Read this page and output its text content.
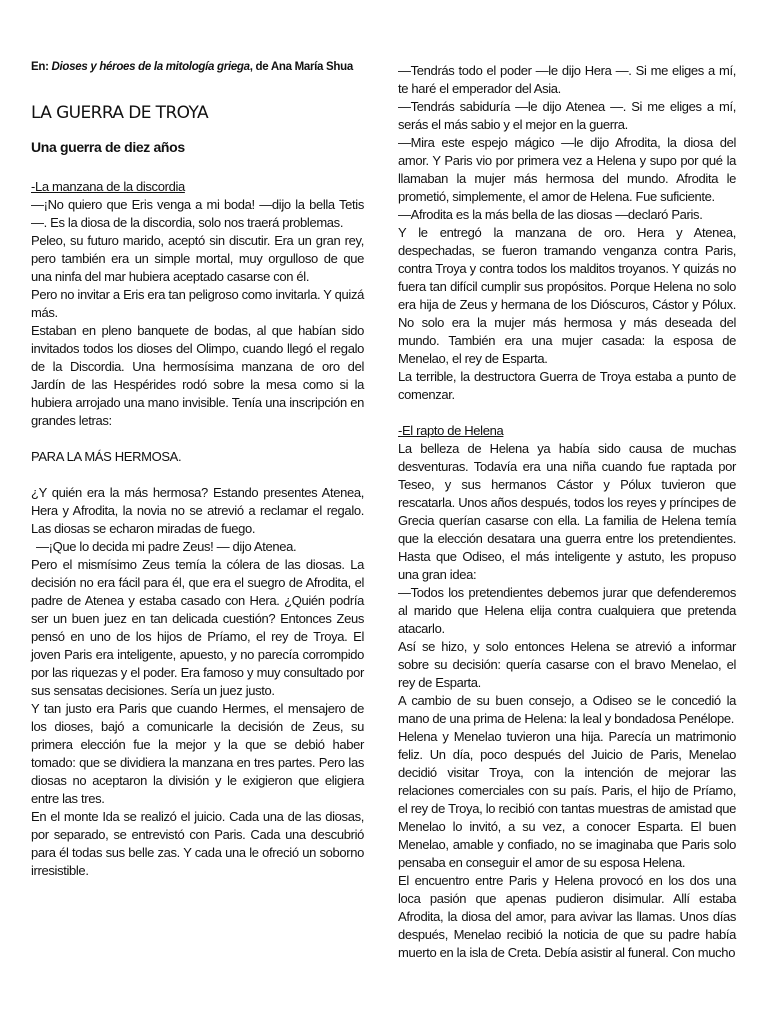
En: Dioses y héroes de la mitología griega, de Ana María Shua

LA GUERRA DE TROYA

Una guerra de diez años

-La manzana de la discordia

—¡No quiero que Eris venga a mi boda! —dijo la bella Tetis—. Es la diosa de la discordia, solo nos traerá problemas.

Peleo, su futuro marido, aceptó sin discutir. Era un gran rey, pero también era un simple mortal, muy orgulloso de que una ninfa del mar hubiera aceptado casarse con él.

Pero no invitar a Eris era tan peligroso como invitarla. Y quizá más.

Estaban en pleno banquete de bodas, al que habían sido invitados todos los dioses del Olimpo, cuando llegó el regalo de la Discordia. Una hermosísima manzana de oro del Jardín de las Hespérides rodó sobre la mesa como si la hubiera arrojado una mano invisible. Tenía una inscripción en grandes letras:

PARA LA MÁS HERMOSA.

¿Y quién era la más hermosa? Estando presentes Atenea, Hera y Afrodita, la novia no se atrevió a reclamar el regalo. Las diosas se echaron miradas de fuego.

—¡Que lo decida mi padre Zeus! — dijo Atenea.

Pero el mismísimo Zeus temía la cólera de las diosas. La decisión no era fácil para él, que era el suegro de Afrodita, el padre de Atenea y estaba casado con Hera. ¿Quién podría ser un buen juez en tan delicada cuestión? Entonces Zeus pensó en uno de los hijos de Príamo, el rey de Troya. El joven Paris era inteligente, apuesto, y no parecía corrompido por las riquezas y el poder. Era famoso y muy consultado por sus sensatas decisiones. Sería un juez justo.

Y tan justo era Paris que cuando Hermes, el mensajero de los dioses, bajó a comunicarle la decisión de Zeus, su primera elección fue la mejor y la que se debió haber tomado: que se dividiera la manzana en tres partes. Pero las diosas no aceptaron la división y le exigieron que eligiera entre las tres.

En el monte Ida se realizó el juicio. Cada una de las diosas, por separado, se entrevistó con Paris. Cada una descubrió para él todas sus belle zas. Y cada una le ofreció un soborno irresistible.

—Tendrás todo el poder —le dijo Hera —. Si me eliges a mí, te haré el emperador del Asia.

—Tendrás sabiduría —le dijo Atenea —. Si me eliges a mí, serás el más sabio y el mejor en la guerra.

—Mira este espejo mágico —le dijo Afrodita, la diosa del amor. Y Paris vio por primera vez a Helena y supo por qué la llamaban la mujer más hermosa del mundo. Afrodita le prometió, simplemente, el amor de Helena. Fue suficiente.

—Afrodita es la más bella de las diosas —declaró Paris.

Y le entregó la manzana de oro. Hera y Atenea, despechadas, se fueron tramando venganza contra Paris, contra Troya y contra todos los malditos troyanos. Y quizás no fuera tan difícil cumplir sus propósitos. Porque Helena no solo era hija de Zeus y hermana de los Dióscuros, Cástor y Pólux. No solo era la mujer más hermosa y más deseada del mundo. También era una mujer casada: la esposa de Menelao, el rey de Esparta.

La terrible, la destructora Guerra de Troya estaba a punto de comenzar.

-El rapto de Helena

La belleza de Helena ya había sido causa de muchas desventuras. Todavía era una niña cuando fue raptada por Teseo, y sus hermanos Cástor y Pólux tuvieron que rescatarla. Unos años después, todos los reyes y príncipes de Grecia querían casarse con ella. La familia de Helena temía que la elección desatara una guerra entre los pretendientes. Hasta que Odiseo, el más inteligente y astuto, les propuso una gran idea:

—Todos los pretendientes debemos jurar que defenderemos al marido que Helena elija contra cualquiera que pretenda atacarlo.

Así se hizo, y solo entonces Helena se atrevió a informar sobre su decisión: quería casarse con el bravo Menelao, el rey de Esparta.

A cambio de su buen consejo, a Odiseo se le concedió la mano de una prima de Helena: la leal y bondadosa Penélope.

Helena y Menelao tuvieron una hija. Parecía un matrimonio feliz. Un día, poco después del Juicio de Paris, Menelao decidió visitar Troya, con la intención de mejorar las relaciones comerciales con su país. Paris, el hijo de Príamo, el rey de Troya, lo recibió con tantas muestras de amistad que Menelao lo invitó, a su vez, a conocer Esparta. El buen Menelao, amable y confiado, no se imaginaba que Paris solo pensaba en conseguir el amor de su esposa Helena.

El encuentro entre Paris y Helena provocó en los dos una loca pasión que apenas pudieron disimular. Allí estaba Afrodita, la diosa del amor, para avivar las llamas. Unos días después, Menelao recibió la noticia de que su padre había muerto en la isla de Creta. Debía asistir al funeral. Con mucho
